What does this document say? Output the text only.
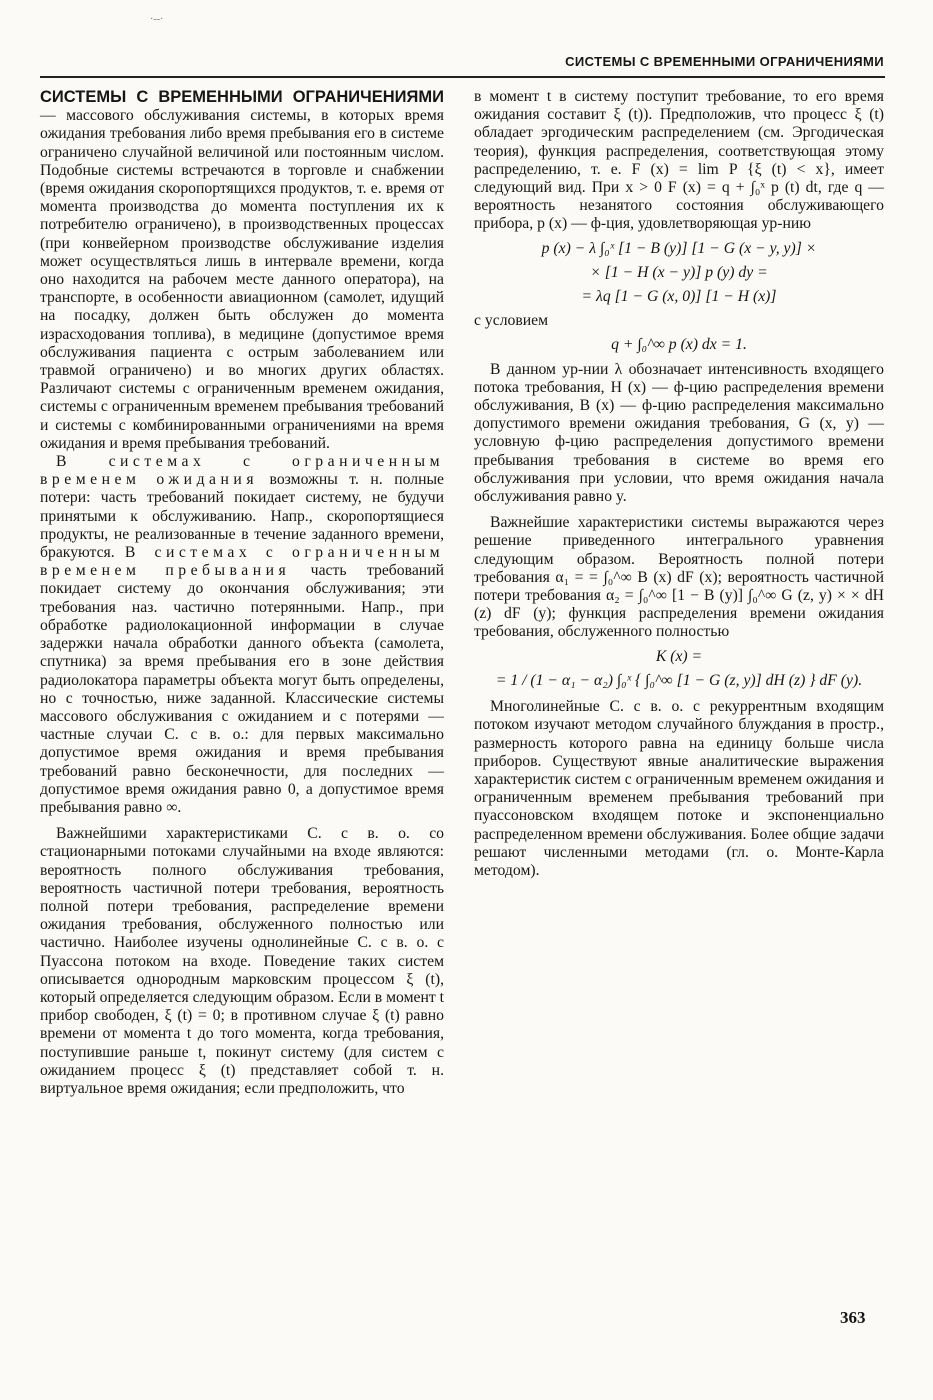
·--·
СИСТЕМЫ С ВРЕМЕННЫМИ ОГРАНИЧЕНИЯМИ

СИСТЕМЫ С ВРЕМЕННЫМИ ОГРАНИЧЕНИЯМИ — массового обслуживания системы, в которых время ожидания требования либо время пребывания его в системе ограничено случайной величиной или постоянным числом. Подобные системы встречаются в торговле и снабжении (время ожидания скоропортящихся продуктов, т. е. время от момента производства до момента поступления их к потребителю ограничено), в производственных процессах (при конвейерном производстве обслуживание изделия может осуществляться лишь в интервале времени, когда оно находится на рабочем месте данного оператора), на транспорте, в особенности авиационном (самолет, идущий на посадку, должен быть обслужен до момента израсходования топлива), в медицине (допустимое время обслуживания пациента с острым заболеванием или травмой ограничено) и во многих других областях. Различают системы с ограниченным временем ожидания, системы с ограниченным временем пребывания требований и системы с комбинированными ограничениями на время ожидания и время пребывания требований.

В системах с ограниченным временем ожидания возможны т. н. полные потери: часть требований покидает систему, не будучи принятыми к обслуживанию. Напр., скоропортящиеся продукты, не реализованные в течение заданного времени, бракуются. В системах с ограниченным временем пребывания часть требований покидает систему до окончания обслуживания; эти требования наз. частично потерянными. Напр., при обработке радиолокационной информации в случае задержки начала обработки данного объекта (самолета, спутника) за время пребывания его в зоне действия радиолокатора параметры объекта могут быть определены, но с точностью, ниже заданной. Классические системы массового обслуживания с ожиданием и с потерями — частные случаи С. с в. о.: для первых максимально допустимое время ожидания и время пребывания требований равно бесконечности, для последних — допустимое время ожидания равно 0, а допустимое время пребывания равно ∞.

Важнейшими характеристиками С. с в. о. со стационарными потоками случайными на входе являются: вероятность полного обслуживания требования, вероятность частичной потери требования, вероятность полной потери требования, распределение времени ожидания требования, обслуженного полностью или частично. Наиболее изучены однолинейные С. с в. о. с Пуассона потоком на входе. Поведение таких систем описывается однородным марковским процессом ξ (t), который определяется следующим образом. Если в момент t прибор свободен, ξ (t) = 0; в противном случае ξ (t) равно времени от момента t до того момента, когда требования, поступившие раньше t, покинут систему (для систем с ожиданием процесс ξ (t) представляет собой т. н. виртуальное время ожидания; если предположить, что

в момент t в систему поступит требование, то его время ожидания составит ξ (t)). Предположив, что процесс ξ (t) обладает эргодическим распределением (см. Эргодическая теория), функция распределения, соответствующая этому распределению, т. е. F (x) = lim P {ξ (t) < x}, имеет следующий вид. При x > 0 F (x) = q + ∫₀ˣ p (t) dt, где q — вероятность незанятого состояния обслуживающего прибора, p (x) — ф-ция, удовлетворяющая ур-нию

p (x) − λ ∫₀ˣ [1 − B (y)] [1 − G (x − y, y)] ×
× [1 − H (x − y)] p (y) dy =
= λq [1 − G (x, 0)] [1 − H (x)]

с условием

q + ∫₀^∞ p (x) dx = 1.

В данном ур-нии λ обозначает интенсивность входящего потока требования, H (x) — ф-цию распределения времени обслуживания, B (x) — ф-цию распределения максимально допустимого времени ожидания требования, G (x, y) — условную ф-цию распределения допустимого времени пребывания требования в системе во время его обслуживания при условии, что время ожидания начала обслуживания равно y.

Важнейшие характеристики системы выражаются через решение приведенного интегрального уравнения следующим образом. Вероятность полной потери требования α₁ = = ∫₀^∞ B (x) dF (x); вероятность частичной потери требования α₂ = ∫₀^∞ [1 − B (y)] ∫₀^∞ G (z, y) × × dH (z) dF (y); функция распределения времени ожидания требования, обслуженного полностью

K (x) =
= 1 / (1 − α₁ − α₂) ∫₀ˣ { ∫₀^∞ [1 − G (z, y)] dH (z) } dF (y).

Многолинейные С. с в. о. с рекуррентным входящим потоком изучают методом случайного блуждания в простр., размерность которого равна на единицу больше числа приборов. Существуют явные аналитические выражения характеристик систем с ограниченным временем ожидания и ограниченным временем пребывания требований при пуассоновском входящем потоке и экспоненциально распределенном времени обслуживания. Более общие задачи решают численными методами (гл. о. Монте-Карла методом).

363
